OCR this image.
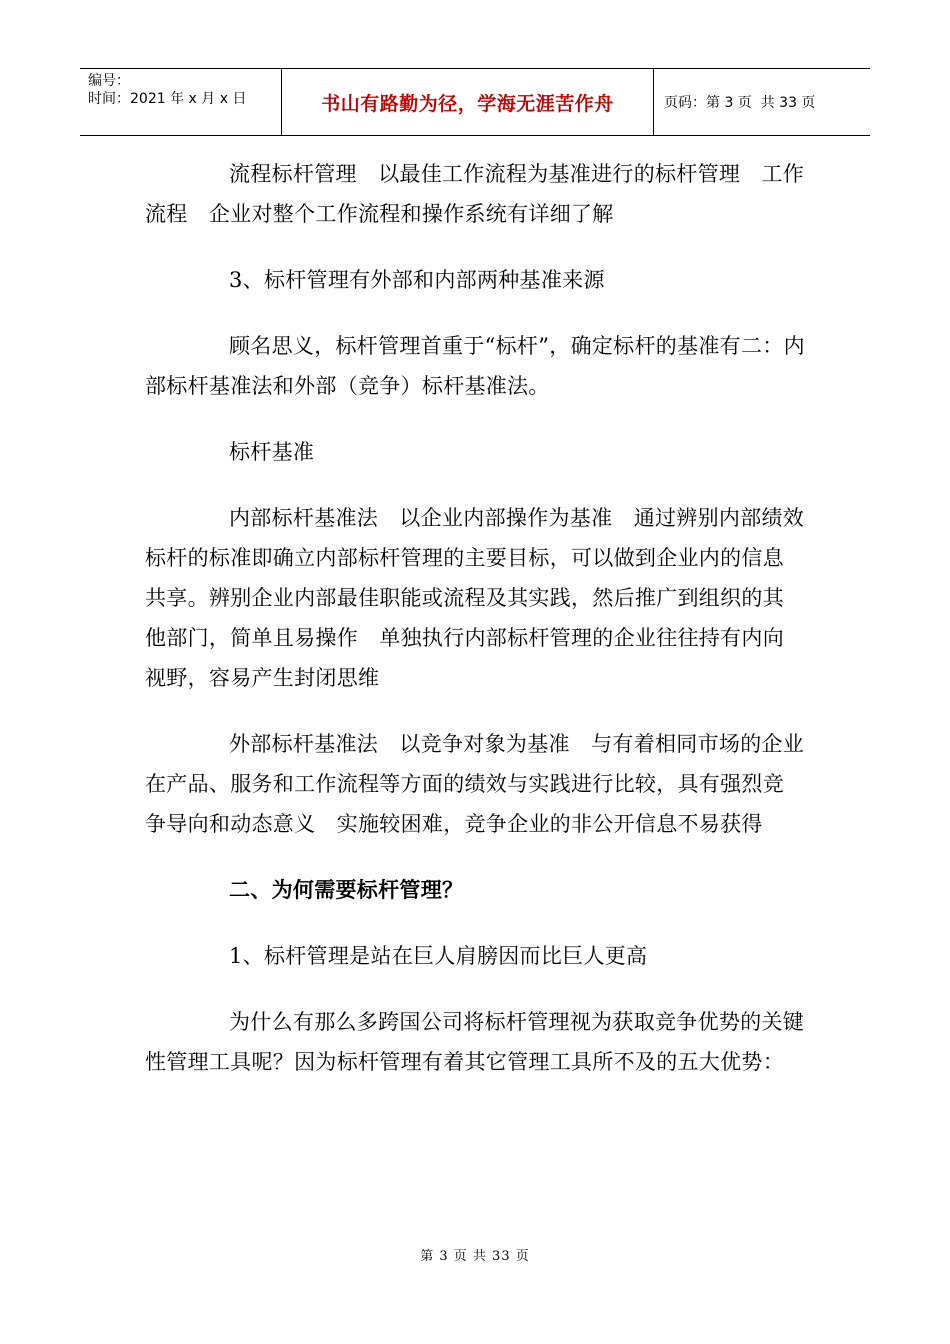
编号：
时间：2021 年 x 月 x 日	书山有路勤为径，学海无涯苦作舟	页码：第 3 页  共 33 页

流程标杆管理　以最佳工作流程为基准进行的标杆管理　工作流程　企业对整个工作流程和操作系统有详细了解

3、标杆管理有外部和内部两种基准来源

顾名思义，标杆管理首重于“标杆”，确定标杆的基准有二：内部标杆基准法和外部（竞争）标杆基准法。

标杆基准

内部标杆基准法　以企业内部操作为基准　通过辨别内部绩效标杆的标准即确立内部标杆管理的主要目标，可以做到企业内的信息共享。辨别企业内部最佳职能或流程及其实践，然后推广到组织的其他部门，简单且易操作　单独执行内部标杆管理的企业往往持有内向视野，容易产生封闭思维

外部标杆基准法　以竞争对象为基准　与有着相同市场的企业在产品、服务和工作流程等方面的绩效与实践进行比较，具有强烈竞争导向和动态意义　实施较困难，竞争企业的非公开信息不易获得

二、为何需要标杆管理？

1、标杆管理是站在巨人肩膀因而比巨人更高

为什么有那么多跨国公司将标杆管理视为获取竞争优势的关键性管理工具呢？因为标杆管理有着其它管理工具所不及的五大优势：

第 3 页 共 33 页
